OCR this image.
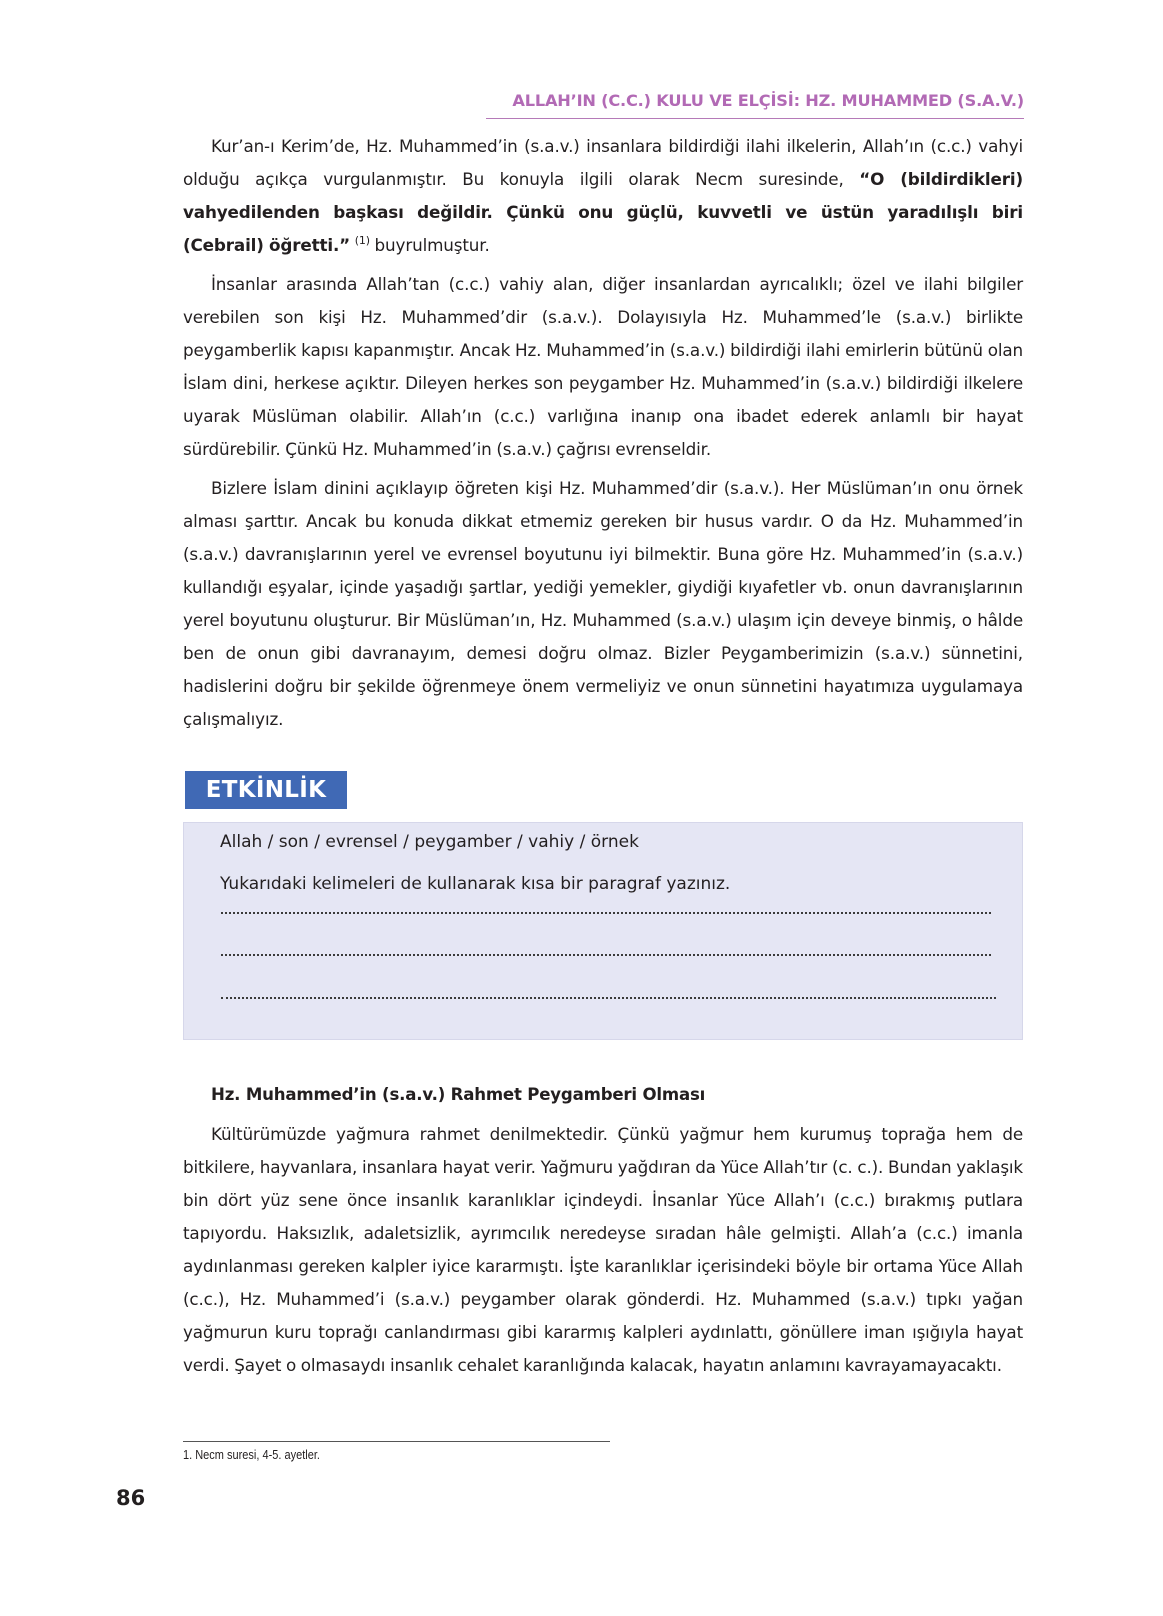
ALLAH’IN (C.C.) KULU VE ELÇİSİ: HZ. MUHAMMED (S.A.V.)

Kur’an-ı Kerim’de, Hz. Muhammed’in (s.a.v.) insanlara bildirdiği ilahi ilkelerin, Allah’ın (c.c.) vahyi olduğu açıkça vurgulanmıştır. Bu konuyla ilgili olarak Necm suresinde, “O (bildirdikleri) vahyedilenden başkası değildir. Çünkü onu güçlü, kuvvetli ve üstün yaradılışlı biri (Cebrail) öğretti.” $^{(1)}$ buyrulmuştur.

İnsanlar arasında Allah’tan (c.c.) vahiy alan, diğer insanlardan ayrıcalıklı; özel ve ilahi bilgiler verebilen son kişi Hz. Muhammed’dir (s.a.v.). Dolayısıyla Hz. Muhammed’le (s.a.v.) birlikte peygamberlik kapısı kapanmıştır. Ancak Hz. Muhammed’in (s.a.v.) bildirdiği ilahi emirlerin bütünü olan İslam dini, herkese açıktır. Dileyen herkes son peygamber Hz. Muhammed’in (s.a.v.) bildirdiği ilkelere uyarak Müslüman olabilir. Allah’ın (c.c.) varlığına inanıp ona ibadet ederek anlamlı bir hayat sürdürebilir. Çünkü Hz. Muhammed’in (s.a.v.) çağrısı evrenseldir.

Bizlere İslam dinini açıklayıp öğreten kişi Hz. Muhammed’dir (s.a.v.). Her Müslüman’ın onu örnek alması şarttır. Ancak bu konuda dikkat etmemiz gereken bir husus vardır. O da Hz. Muhammed’in (s.a.v.) davranışlarının yerel ve evrensel boyutunu iyi bilmektir. Buna göre Hz. Muhammed’in (s.a.v.) kullandığı eşyalar, içinde yaşadığı şartlar, yediği yemekler, giydiği kıyafetler vb. onun davranışlarının yerel boyutunu oluşturur. Bir Müslüman’ın, Hz. Muhammed (s.a.v.) ulaşım için deveye binmiş, o hâlde ben de onun gibi davranayım, demesi doğru olmaz. Bizler Peygamberimizin (s.a.v.) sünnetini, hadislerini doğru bir şekilde öğrenmeye önem vermeliyiz ve onun sünnetini hayatımıza uygulamaya çalışmalıyız.

ETKİNLİK
Allah / son / evrensel / peygamber / vahiy / örnek
Yukarıdaki kelimeleri de kullanarak kısa bir paragraf yazınız.
Hz. Muhammed’in (s.a.v.) Rahmet Peygamberi Olması

Kültürümüzde yağmura rahmet denilmektedir. Çünkü yağmur hem kurumuş toprağa hem de bitkilere, hayvanlara, insanlara hayat verir. Yağmuru yağdıran da Yüce Allah’tır (c. c.). Bundan yaklaşık bin dört yüz sene önce insanlık karanlıklar içindeydi. İnsanlar Yüce Allah’ı (c.c.) bırakmış putlara tapıyordu. Haksızlık, adaletsizlik, ayrımcılık neredeyse sıradan hâle gelmişti. Allah’a (c.c.) imanla aydınlanması gereken kalpler iyice kararmıştı. İşte karanlıklar içerisindeki böyle bir ortama Yüce Allah (c.c.), Hz. Muhammed’i (s.a.v.) peygamber olarak gönderdi. Hz. Muhammed (s.a.v.) tıpkı yağan yağmurun kuru toprağı canlandırması gibi kararmış kalpleri aydınlattı, gönüllere iman ışığıyla hayat verdi. Şayet o olmasaydı insanlık cehalet karanlığında kalacak, hayatın anlamını kavrayamayacaktı.

1. Necm suresi, 4-5. ayetler.
86
